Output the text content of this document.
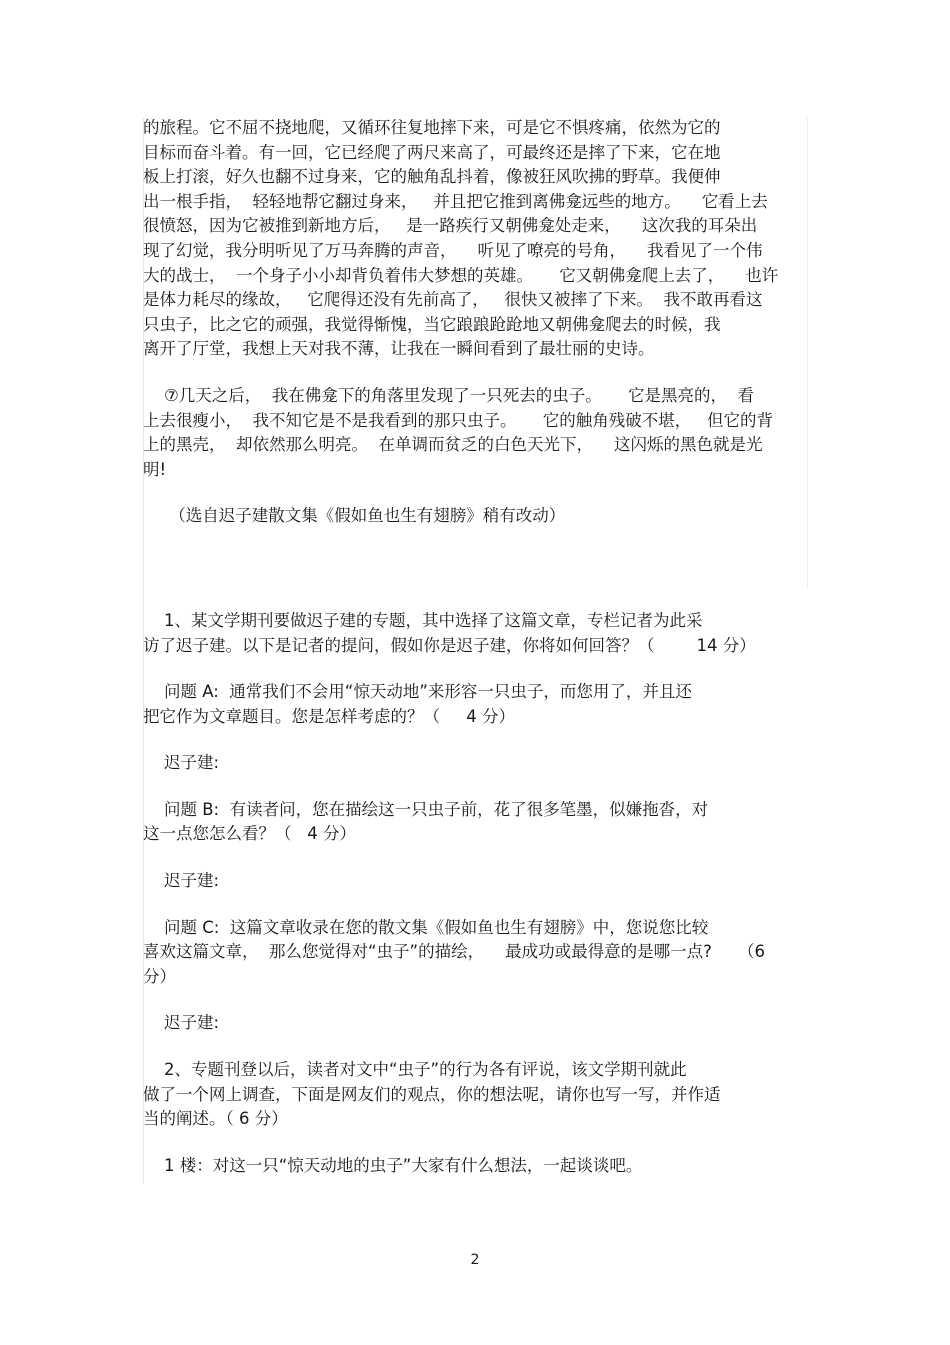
的旅程。它不屈不挠地爬，又循环往复地摔下来，可是它不惧疼痛，依然为它的
目标而奋斗着。有一回，它已经爬了两尺来高了，可最终还是摔了下来，它在地
板上打滚，好久也翻不过身来，它的触角乱抖着，像被狂风吹拂的野草。我便伸
出一根手指，  轻轻地帮它翻过身来，   并且把它推到离佛龛远些的地方。    它看上去
很愤怒，因为它被推到新地方后，   是一路疾行又朝佛龛处走来，    这次我的耳朵出
现了幻觉，我分明听见了万马奔腾的声音，    听见了嘹亮的号角，    我看见了一个伟
大的战士，  一个身子小小却背负着伟大梦想的英雄。     它又朝佛龛爬上去了，    也许
是体力耗尽的缘故，   它爬得还没有先前高了，   很快又被摔了下来。  我不敢再看这
只虫子，比之它的顽强，我觉得惭愧，当它踉踉跄跄地又朝佛龛爬去的时候，我
离开了厅堂，我想上天对我不薄，让我在一瞬间看到了最壮丽的史诗。
⑦几天之后，  我在佛龛下的角落里发现了一只死去的虫子。     它是黑亮的，  看
上去很瘦小，  我不知它是不是我看到的那只虫子。     它的触角残破不堪，   但它的背
上的黑壳，  却依然那么明亮。  在单调而贫乏的白色天光下，    这闪烁的黑色就是光
明!
（选自迟子建散文集《假如鱼也生有翅膀》稍有改动）
1、某文学期刊要做迟子建的专题，其中选择了这篇文章，专栏记者为此采
访了迟子建。以下是记者的提问，假如你是迟子建，你将如何回答？（        14 分）
问题 A:  通常我们不会用“惊天动地”来形容一只虫子，而您用了，并且还
把它作为文章题目。您是怎样考虑的？（     4 分）
迟子建:
问题 B:  有读者问，您在描绘这一只虫子前，花了很多笔墨，似嫌拖沓，对
这一点您怎么看？（   4 分）
迟子建:
问题 C:  这篇文章收录在您的散文集《假如鱼也生有翅膀》中，您说您比较
喜欢这篇文章，  那么您觉得对“虫子”的描绘，    最成功或最得意的是哪一点?     （6
分）
迟子建:
2、专题刊登以后，读者对文中“虫子”的行为各有评说，该文学期刊就此
做了一个网上调查，下面是网友们的观点，你的想法呢，请你也写一写，并作适
当的阐述。（ 6 分）
1 楼：对这一只“惊天动地的虫子”大家有什么想法，一起谈谈吧。
2
